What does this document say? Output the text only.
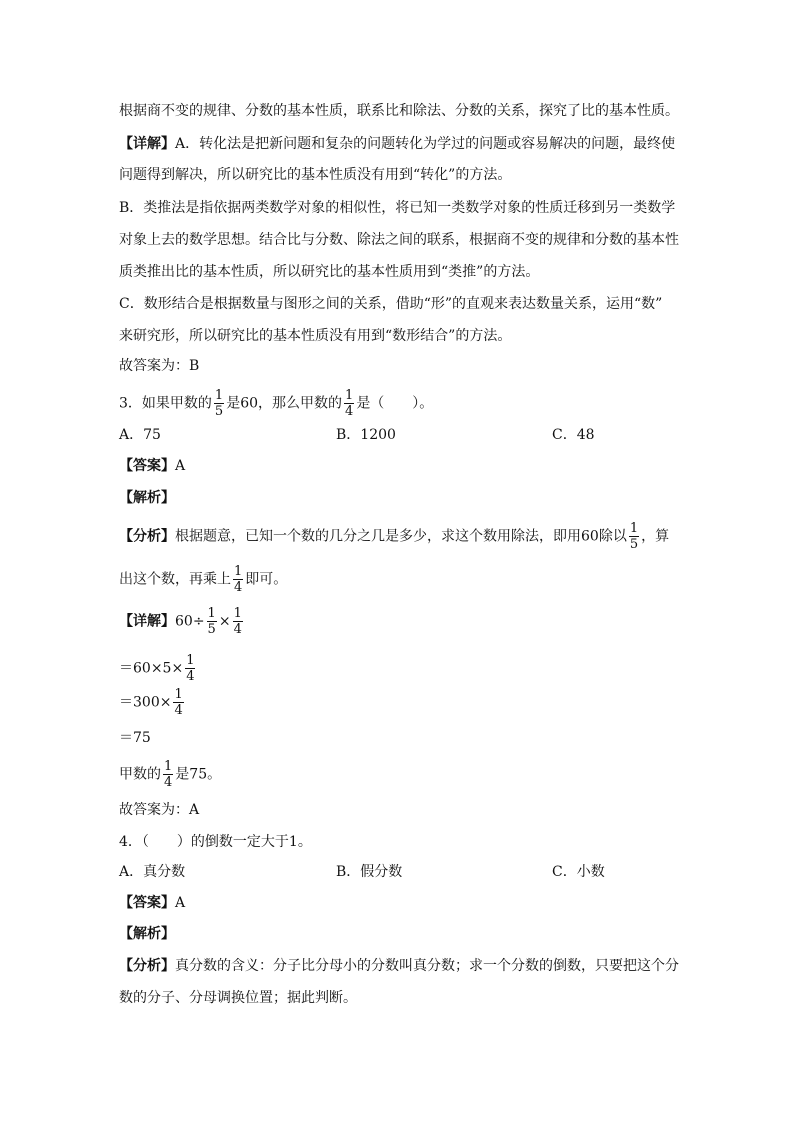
根据商不变的规律、分数的基本性质，联系比和除法、分数的关系，探究了比的基本性质。
【详解】A．转化法是把新问题和复杂的问题转化为学过的问题或容易解决的问题，最终使
问题得到解决，所以研究比的基本性质没有用到“转化”的方法。
B．类推法是指依据两类数学对象的相似性，将已知一类数学对象的性质迁移到另一类数学
对象上去的数学思想。结合比与分数、除法之间的联系，根据商不变的规律和分数的基本性
质类推出比的基本性质，所以研究比的基本性质用到“类推”的方法。
C．数形结合是根据数量与图形之间的关系，借助“形”的直观来表达数量关系，运用“数”
来研究形，所以研究比的基本性质没有用到“数形结合”的方法。
故答案为：B
3．如果甲数的 $\frac{1}{5}$ 是60，那么甲数的 $\frac{1}{4}$ 是（　　）。
A．75	B．1200	C．48
【答案】A
【解析】
【分析】根据题意，已知一个数的几分之几是多少，求这个数用除法，即用60除以 $\frac{1}{5}$ ，算
出这个数，再乘上 $\frac{1}{4}$ 即可。
【详解】$60\div \frac{1}{5} \times \frac{1}{4}$
$=60\times 5\times \frac{1}{4}$
$=300\times \frac{1}{4}$
＝75
甲数的 $\frac{1}{4}$ 是75。
故答案为：A
4．（　　）的倒数一定大于1。
A．真分数	B．假分数	C．小数
【答案】A
【解析】
【分析】真分数的含义：分子比分母小的分数叫真分数；求一个分数的倒数，只要把这个分
数的分子、分母调换位置；据此判断。
